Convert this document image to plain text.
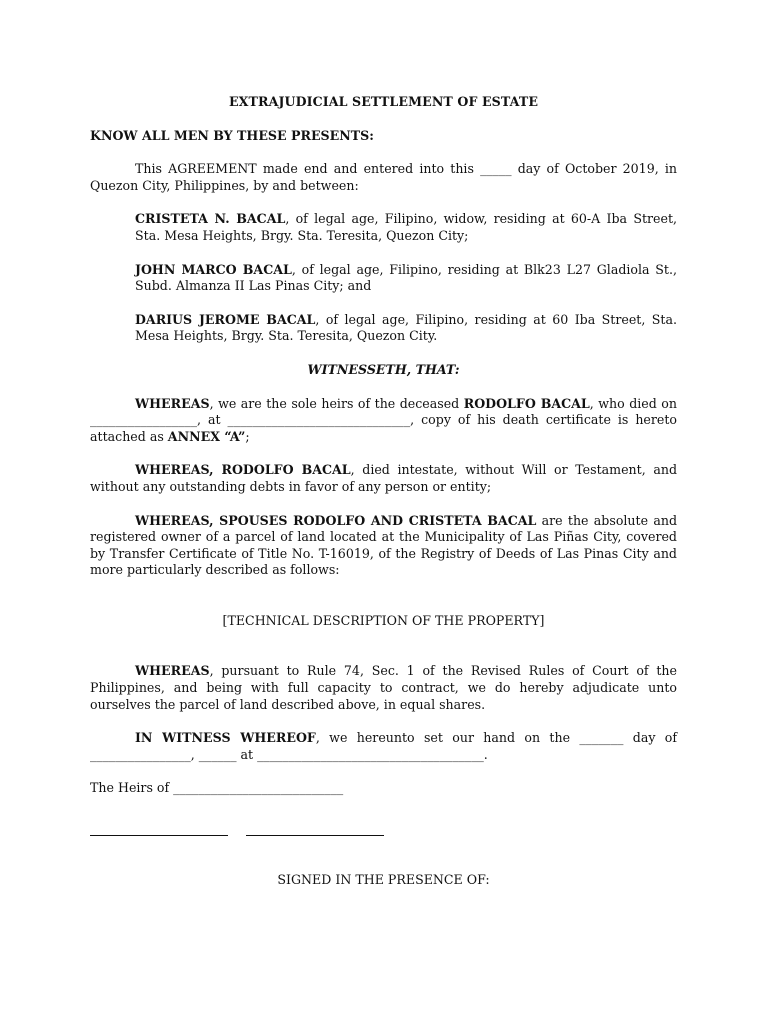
EXTRAJUDICIAL SETTLEMENT OF ESTATE

KNOW ALL MEN BY THESE PRESENTS:

This AGREEMENT made end and entered into this _____ day of October 2019, in Quezon City, Philippines, by and between:

CRISTETA N. BACAL, of legal age, Filipino, widow, residing at 60-A Iba Street, Sta. Mesa Heights, Brgy. Sta. Teresita, Quezon City;

JOHN MARCO BACAL, of legal age, Filipino, residing at Blk23 L27 Gladiola St., Subd. Almanza II Las Pinas City; and

DARIUS JEROME BACAL, of legal age, Filipino, residing at 60 Iba Street, Sta. Mesa Heights, Brgy. Sta. Teresita, Quezon City.

WITNESSETH, THAT:

WHEREAS, we are the sole heirs of the deceased RODOLFO BACAL, who died on _________________, at _____________________________, copy of his death certificate is hereto attached as ANNEX “A”;

WHEREAS, RODOLFO BACAL, died intestate, without Will or Testament, and without any outstanding debts in favor of any person or entity;

WHEREAS, SPOUSES RODOLFO AND CRISTETA BACAL are the absolute and registered owner of a parcel of land located at the Municipality of Las Piñas City, covered by Transfer Certificate of Title No. T-16019, of the Registry of Deeds of Las Pinas City and more particularly described as follows:

[TECHNICAL DESCRIPTION OF THE PROPERTY]

WHEREAS, pursuant to Rule 74, Sec. 1 of the Revised Rules of Court of the Philippines, and being with full capacity to contract, we do hereby adjudicate unto ourselves the parcel of land described above, in equal shares.

IN WITNESS WHEREOF, we hereunto set our hand on the _______ day of ________________, ______ at ____________________________________.

The Heirs of ___________________________

SIGNED IN THE PRESENCE OF:
